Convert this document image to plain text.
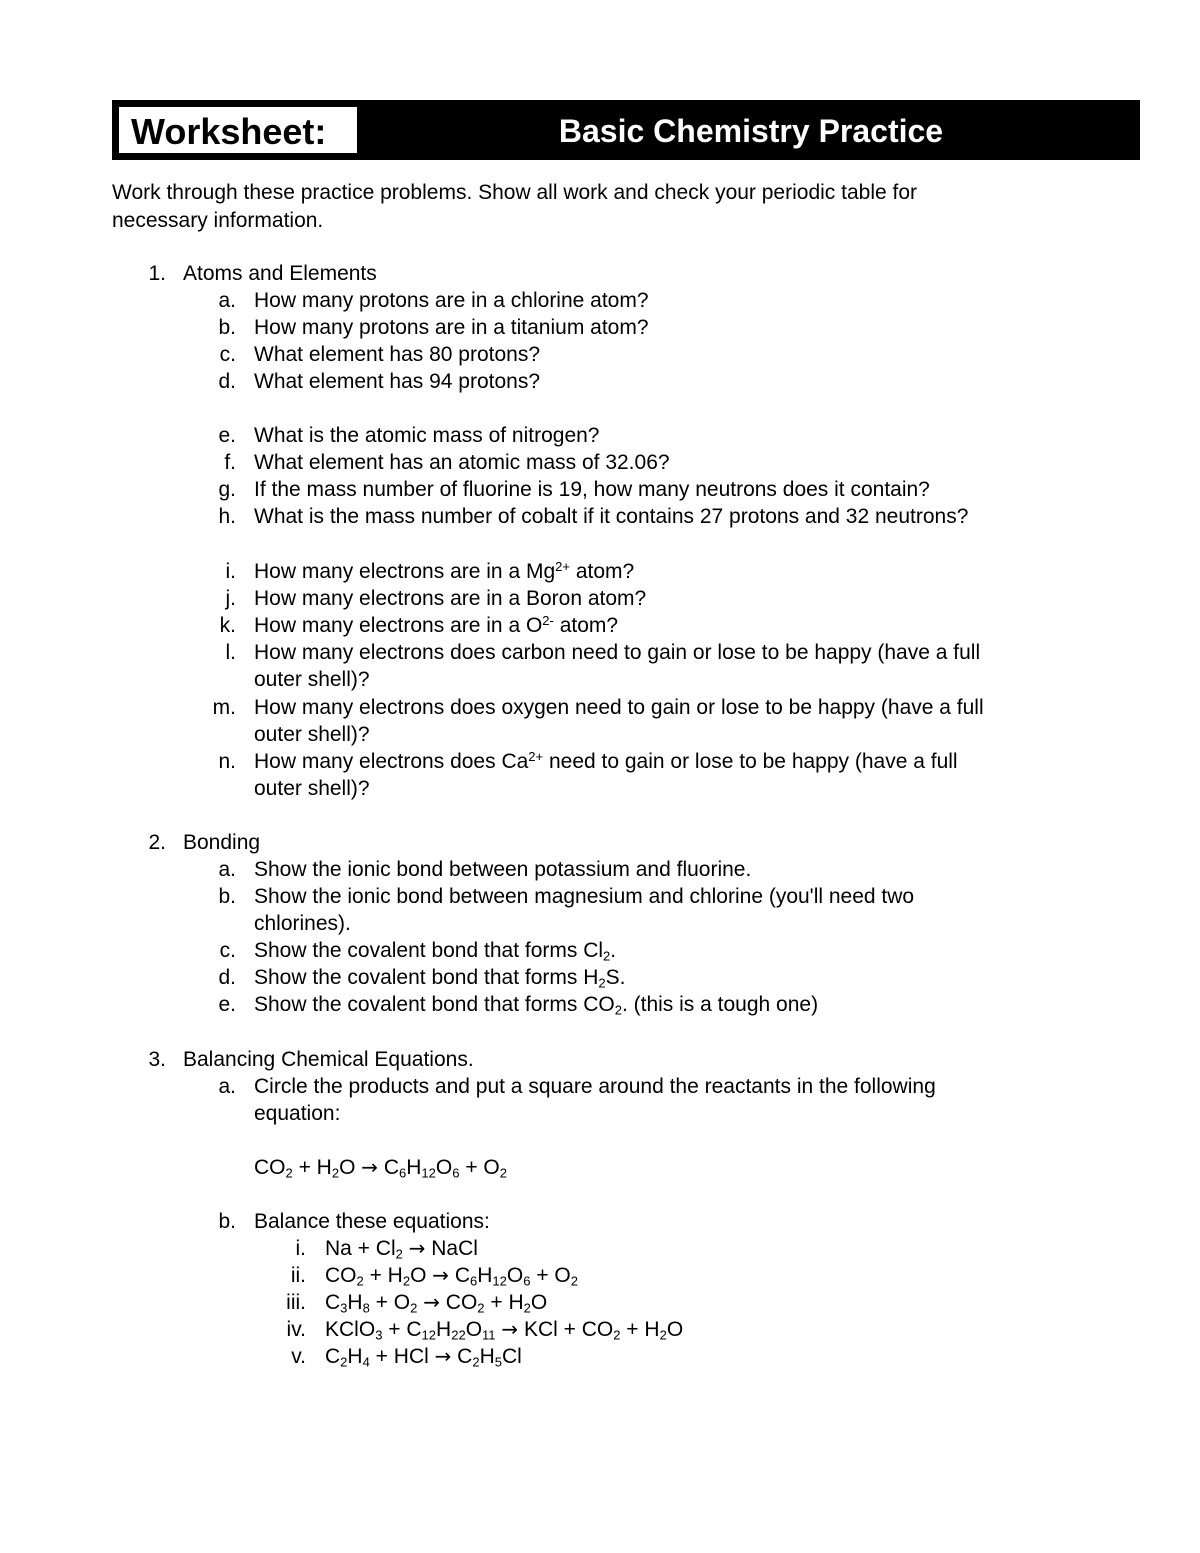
Worksheet:	Basic Chemistry Practice
Work through these practice problems. Show all work and check your periodic table for
necessary information.
1. Atoms and Elements
a. How many protons are in a chlorine atom?
b. How many protons are in a titanium atom?
c. What element has 80 protons?
d. What element has 94 protons?
e. What is the atomic mass of nitrogen?
f. What element has an atomic mass of 32.06?
g. If the mass number of fluorine is 19, how many neutrons does it contain?
h. What is the mass number of cobalt if it contains 27 protons and 32 neutrons?
i. How many electrons are in a $Mg^{2+}$ atom?
j. How many electrons are in a Boron atom?
k. How many electrons are in a $O^{2-}$ atom?
l. How many electrons does carbon need to gain or lose to be happy (have a full
outer shell)?
m. How many electrons does oxygen need to gain or lose to be happy (have a full
outer shell)?
n. How many electrons does $Ca^{2+}$ need to gain or lose to be happy (have a full
outer shell)?
2. Bonding
a. Show the ionic bond between potassium and fluorine.
b. Show the ionic bond between magnesium and chlorine (you'll need two
chlorines).
c. Show the covalent bond that forms $Cl_2$.
d. Show the covalent bond that forms $H_2S$.
e. Show the covalent bond that forms $CO_2$. (this is a tough one)
3. Balancing Chemical Equations.
a. Circle the products and put a square around the reactants in the following
equation:
$CO_2 + H_2O \to C_6H_{12}O_6 + O_2$
b. Balance these equations:
i. $Na + Cl_2$ → NaCl
ii. $CO_2 + H_2O \to C_6H_{12}O_6 + O_2$
iii. $C_3H_8 + O_2 \to CO_2 + H_2O$
iv. KClO$_3$ + $C_{12}H_{22}O_{11}$ → KCl + $CO_2 + H_2O$
v. $C_2H_4$ + HCl → $C_2H_5Cl$
